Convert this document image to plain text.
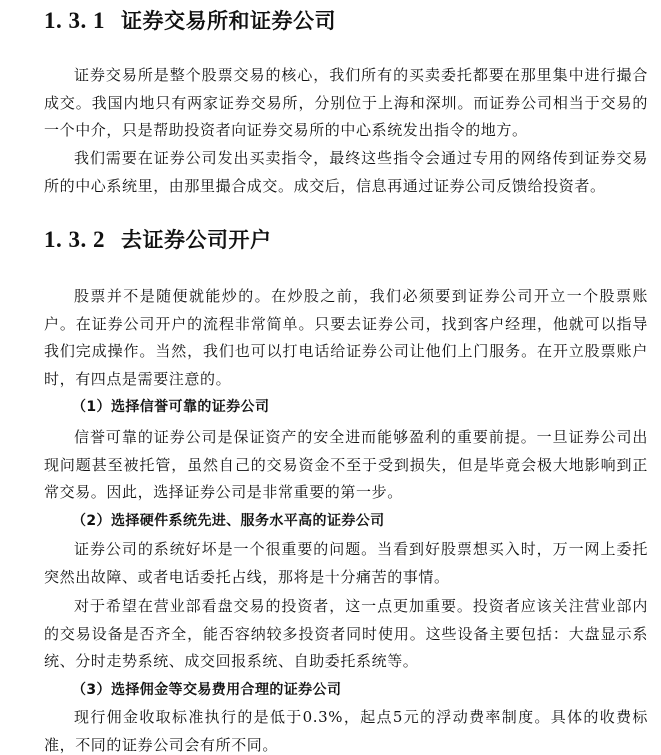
1. 3. 1 证券交易所和证券公司

证券交易所是整个股票交易的核心，我们所有的买卖委托都要在那里集中进行撮合成交。我国内地只有两家证券交易所，分别位于上海和深圳。而证券公司相当于交易的一个中介，只是帮助投资者向证券交易所的中心系统发出指令的地方。

我们需要在证券公司发出买卖指令，最终这些指令会通过专用的网络传到证券交易所的中心系统里，由那里撮合成交。成交后，信息再通过证券公司反馈给投资者。

1. 3. 2 去证券公司开户

股票并不是随便就能炒的。在炒股之前，我们必须要到证券公司开立一个股票账户。在证券公司开户的流程非常简单。只要去证券公司，找到客户经理，他就可以指导我们完成操作。当然，我们也可以打电话给证券公司让他们上门服务。在开立股票账户时，有四点是需要注意的。

（1）选择信誉可靠的证券公司

信誉可靠的证券公司是保证资产的安全进而能够盈利的重要前提。一旦证券公司出现问题甚至被托管，虽然自己的交易资金不至于受到损失，但是毕竟会极大地影响到正常交易。因此，选择证券公司是非常重要的第一步。

（2）选择硬件系统先进、服务水平高的证券公司

证券公司的系统好坏是一个很重要的问题。当看到好股票想买入时，万一网上委托突然出故障、或者电话委托占线，那将是十分痛苦的事情。

对于希望在营业部看盘交易的投资者，这一点更加重要。投资者应该关注营业部内的交易设备是否齐全，能否容纳较多投资者同时使用。这些设备主要包括：大盘显示系统、分时走势系统、成交回报系统、自助委托系统等。

（3）选择佣金等交易费用合理的证券公司

现行佣金收取标准执行的是低于0.3%，起点5元的浮动费率制度。具体的收费标准，不同的证券公司会有所不同。
